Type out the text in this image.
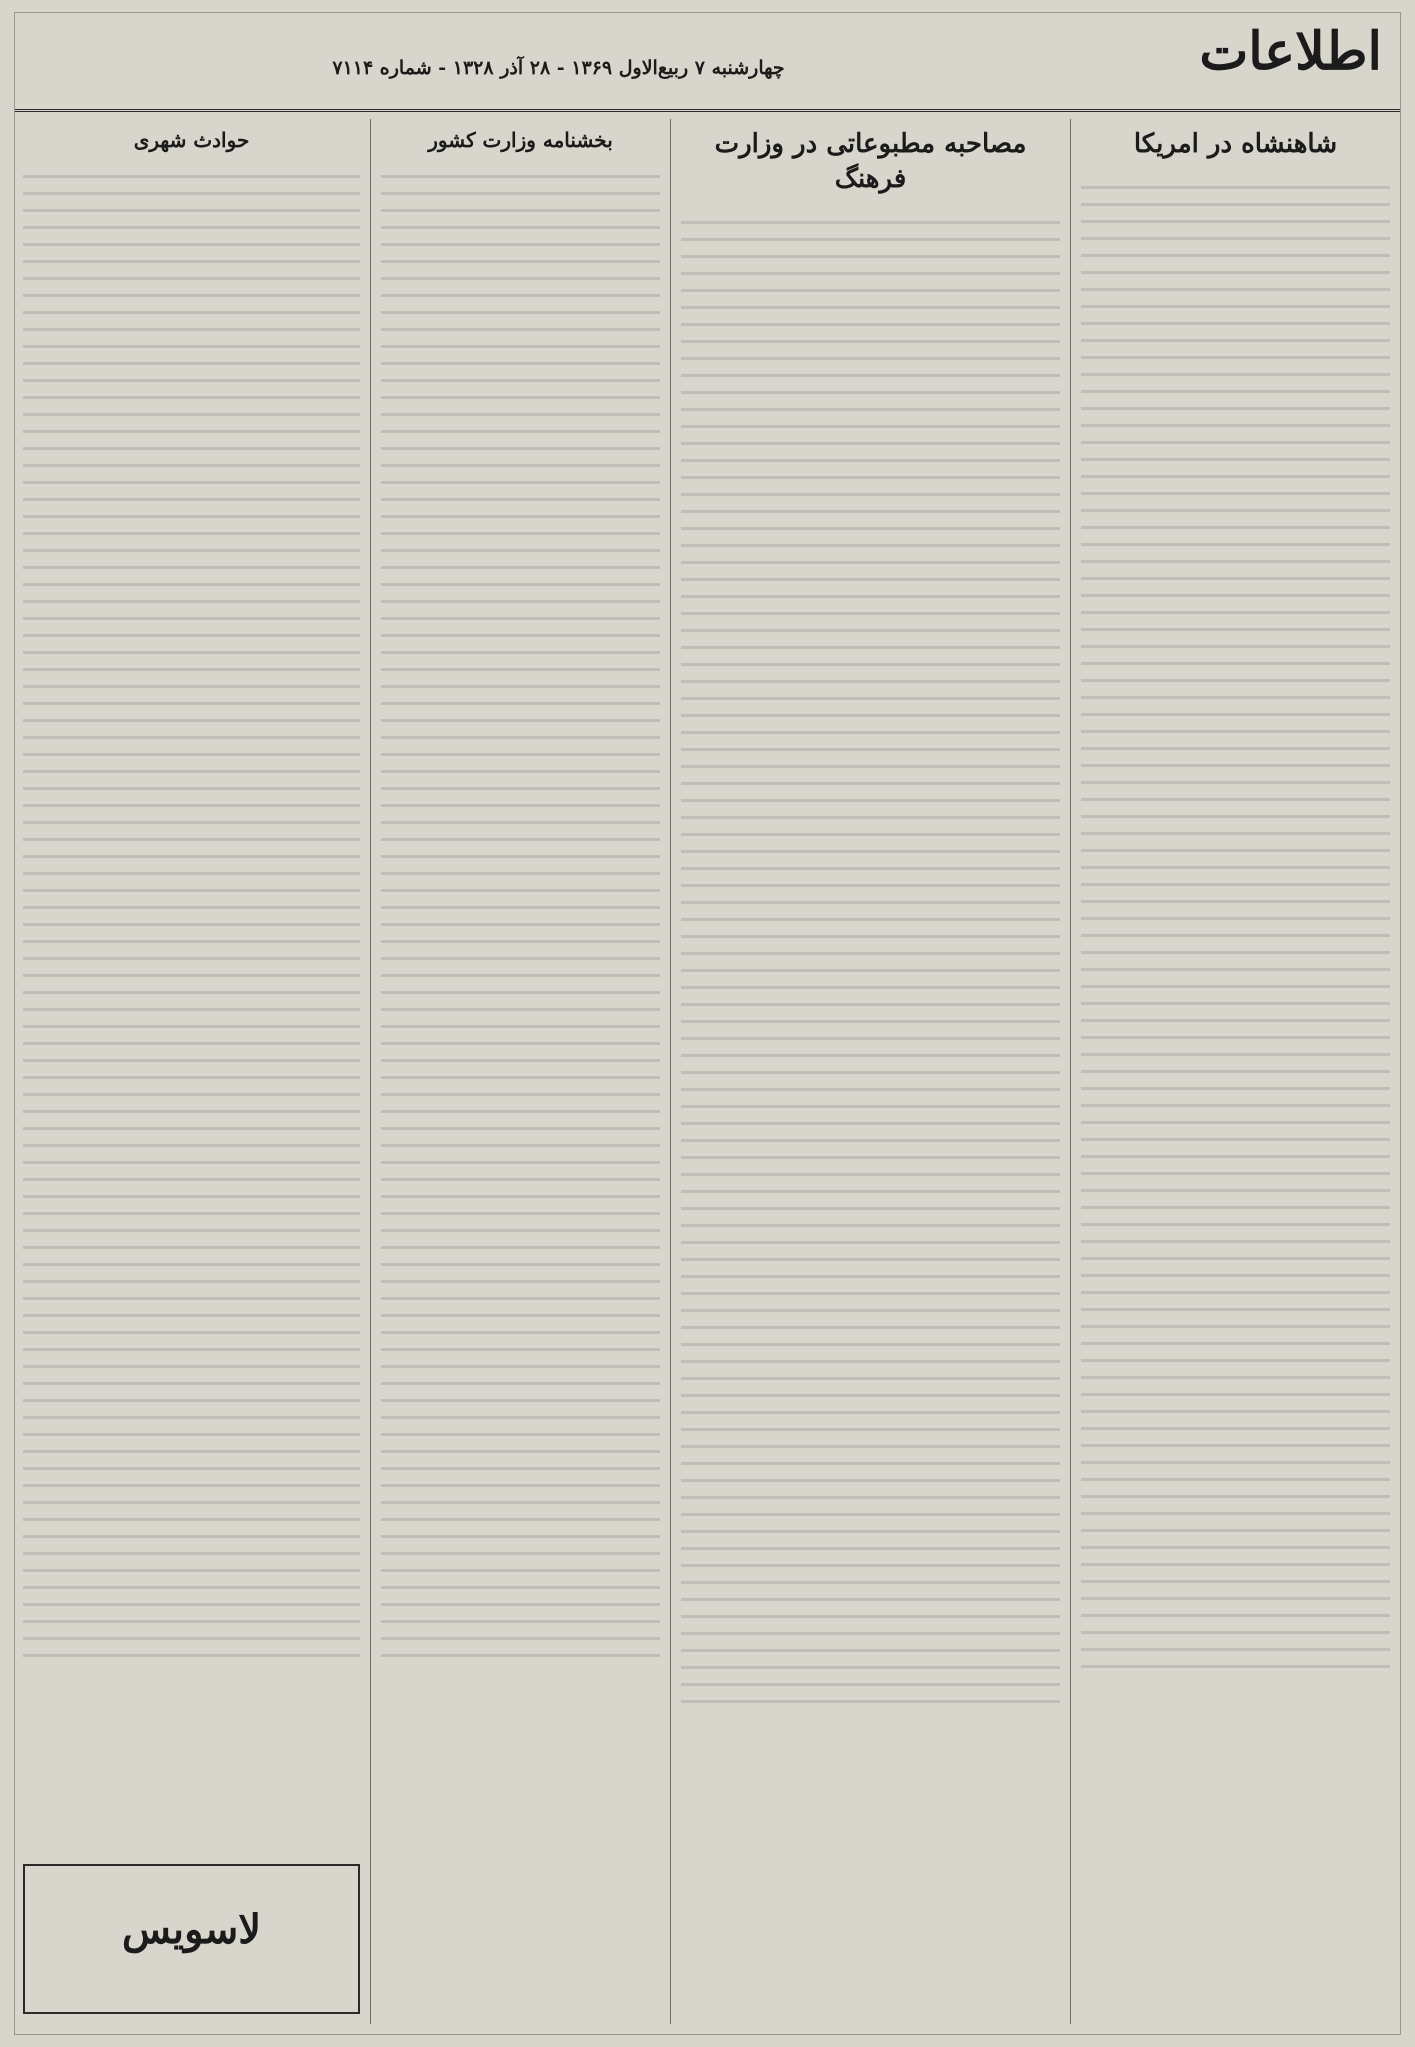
اطلاعات
چهارشنبه ۷ ربیع‌الاول ۱۳۶۹ - ۲۸ آذر ۱۳۲۸ - شماره ۷۱۱۴
شاهنشاه در امریکا
مصاحبه مطبوعاتی در وزارت فرهنگ
بخشنامه وزارت کشور
حوادث شهری
لاسویس
